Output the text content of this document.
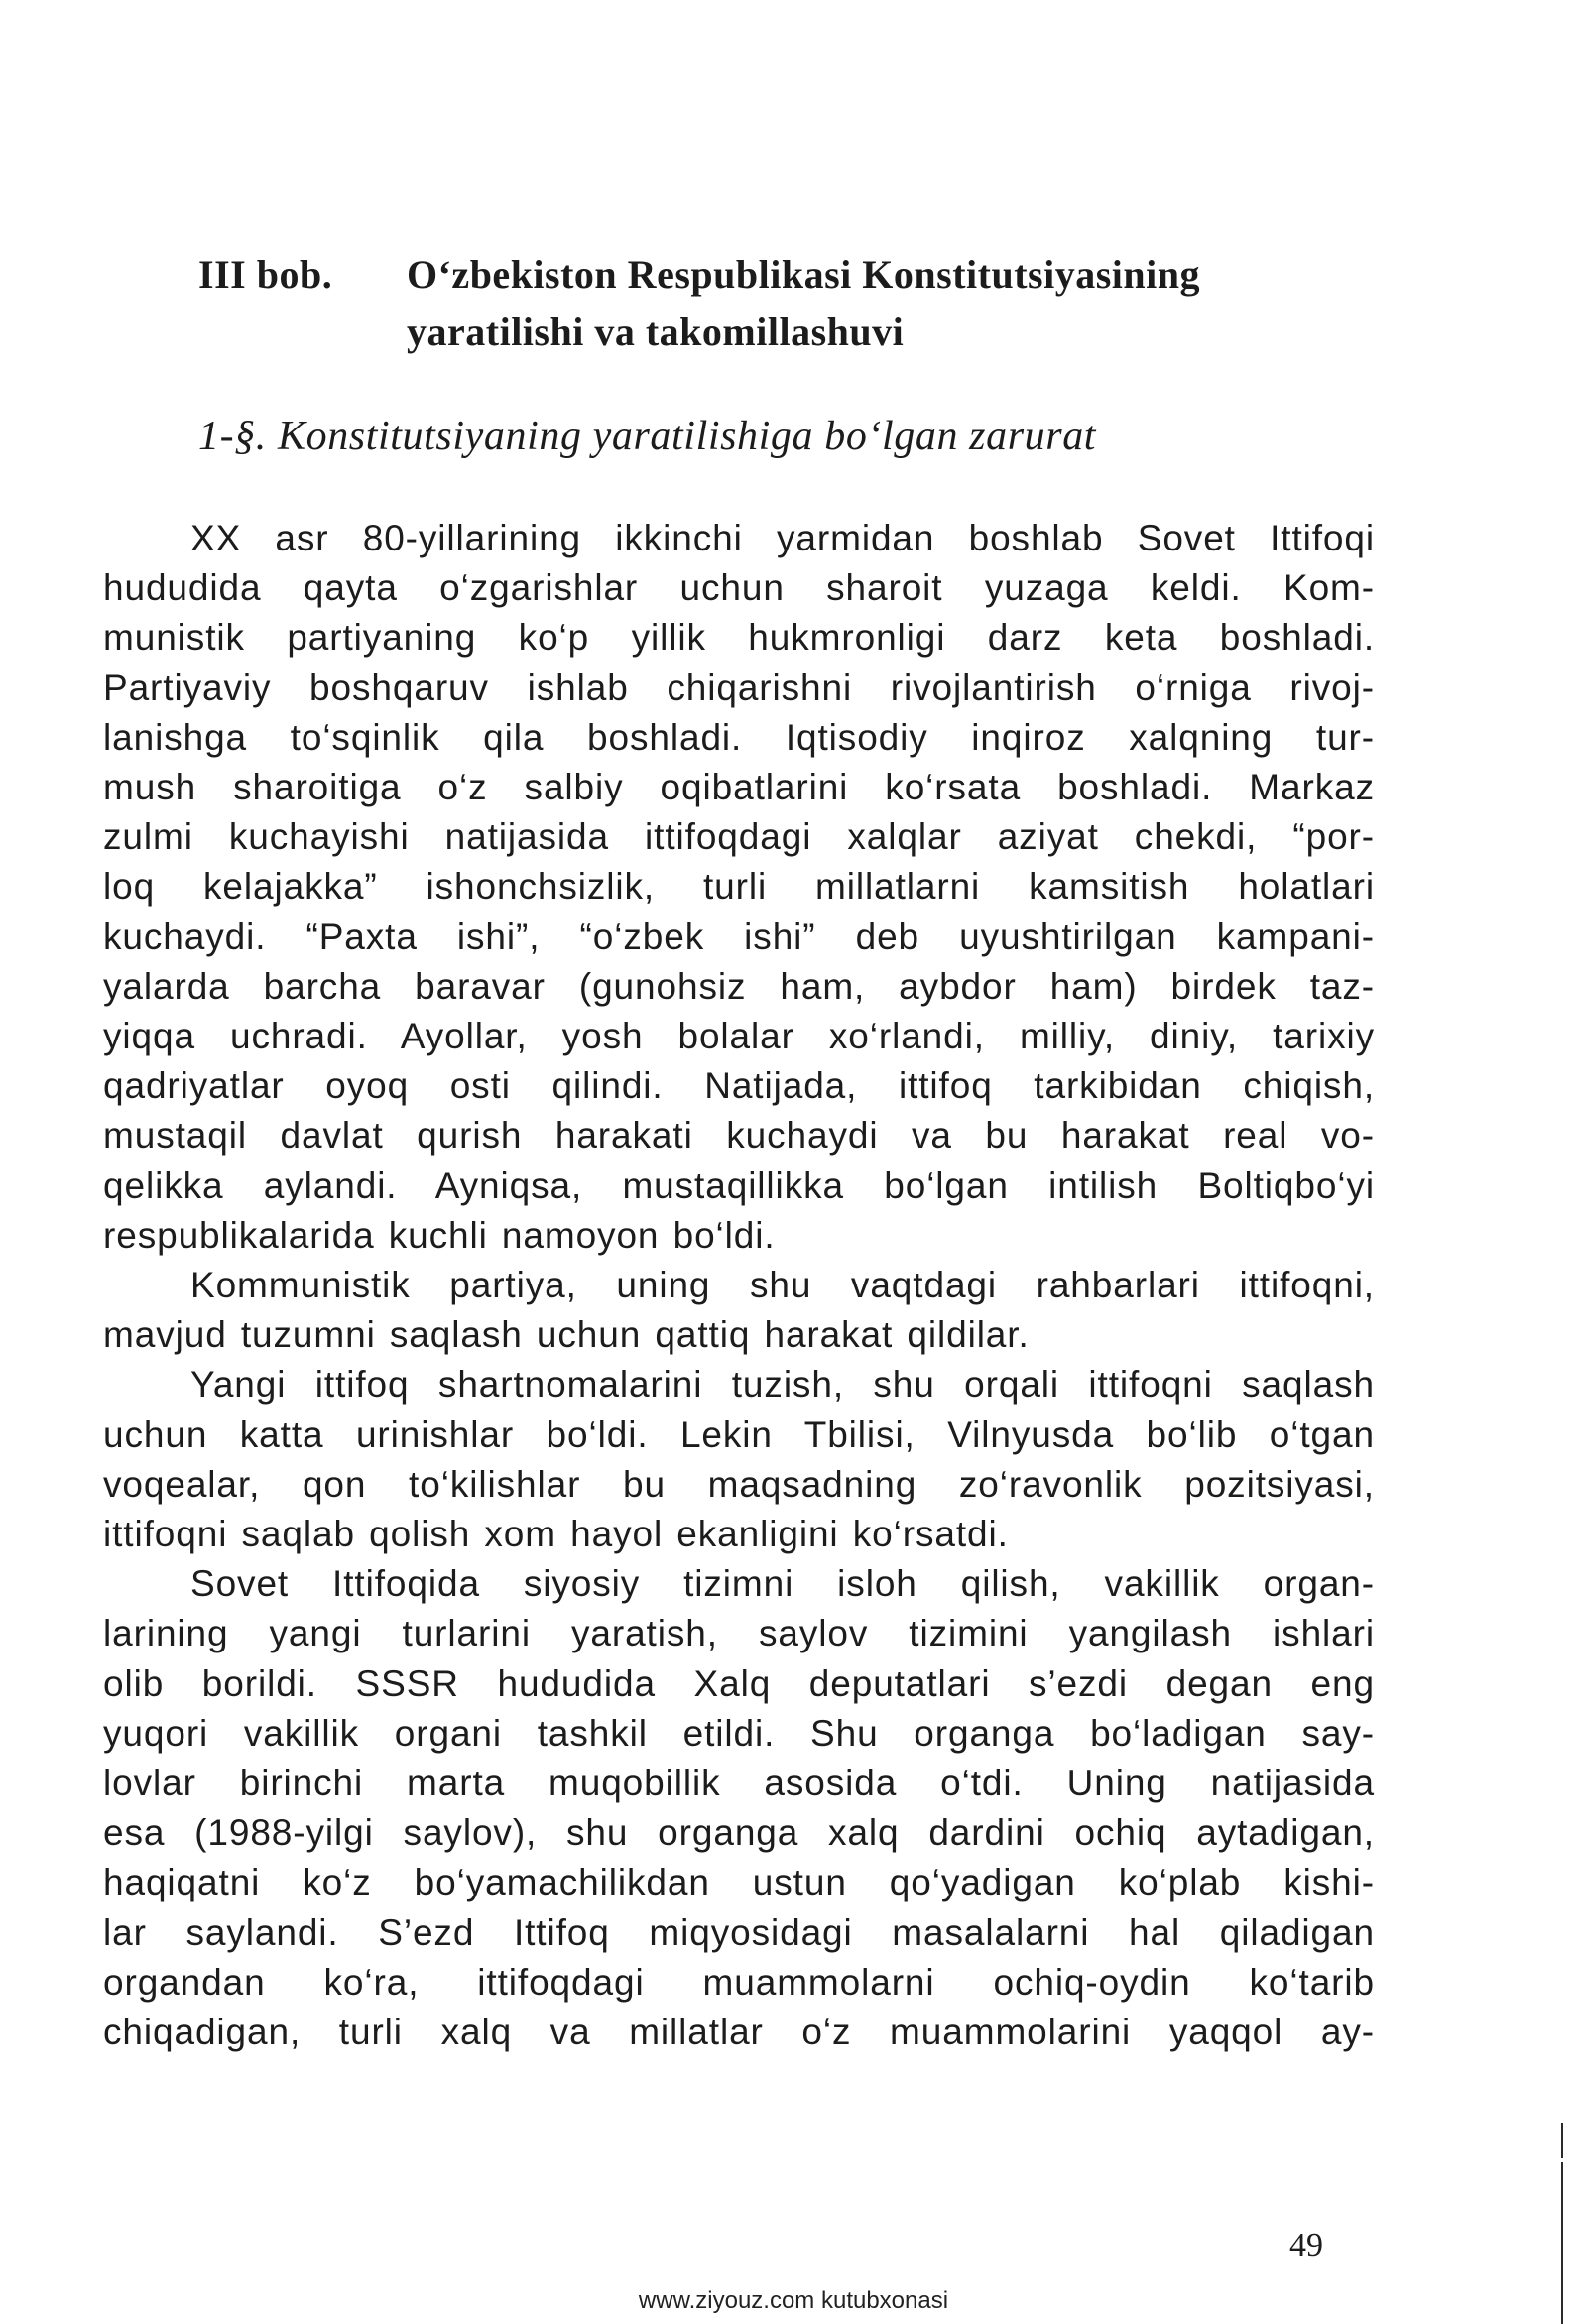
III bob.	O‘zbekiston Respublikasi Konstitutsiyasining
yaratilishi va takomillashuvi
1-§. Konstitutsiyaning yaratilishiga bo‘lgan zarurat
XX asr 80-yillarining ikkinchi yarmidan boshlab Sovet Ittifoqi
hududida qayta o‘zgarishlar uchun sharoit yuzaga keldi. Kom-
munistik partiyaning ko‘p yillik hukmronligi darz keta boshladi.
Partiyaviy boshqaruv ishlab chiqarishni rivojlantirish o‘rniga rivoj-
lanishga to‘sqinlik qila boshladi. Iqtisodiy inqiroz xalqning tur-
mush sharoitiga o‘z salbiy oqibatlarini ko‘rsata boshladi. Markaz
zulmi kuchayishi natijasida ittifoqdagi xalqlar aziyat chekdi, “por-
loq kelajakka” ishonchsizlik, turli millatlarni kamsitish holatlari
kuchaydi. “Paxta ishi”, “o‘zbek ishi” deb uyushtirilgan kampani-
yalarda barcha baravar (gunohsiz ham, aybdor ham) birdek taz-
yiqqa uchradi. Ayollar, yosh bolalar xo‘rlandi, milliy, diniy, tarixiy
qadriyatlar oyoq osti qilindi. Natijada, ittifoq tarkibidan chiqish,
mustaqil davlat qurish harakati kuchaydi va bu harakat real vo-
qelikka aylandi. Ayniqsa, mustaqillikka bo‘lgan intilish Boltiqbo‘yi
respublikalarida kuchli namoyon bo‘ldi.
Kommunistik partiya, uning shu vaqtdagi rahbarlari ittifoqni,
mavjud tuzumni saqlash uchun qattiq harakat qildilar.
Yangi ittifoq shartnomalarini tuzish, shu orqali ittifoqni saqlash
uchun katta urinishlar bo‘ldi. Lekin Tbilisi, Vilnyusda bo‘lib o‘tgan
voqealar, qon to‘kilishlar bu maqsadning zo‘ravonlik pozitsiyasi,
ittifoqni saqlab qolish xom hayol ekanligini ko‘rsatdi.
Sovet Ittifoqida siyosiy tizimni isloh qilish, vakillik organ-
larining yangi turlarini yaratish, saylov tizimini yangilash ishlari
olib borildi. SSSR hududida Xalq deputatlari s’ezdi degan eng
yuqori vakillik organi tashkil etildi. Shu organga bo‘ladigan say-
lovlar birinchi marta muqobillik asosida o‘tdi. Uning natijasida
esa (1988-yilgi saylov), shu organga xalq dardini ochiq aytadigan,
haqiqatni ko‘z bo‘yamachilikdan ustun qo‘yadigan ko‘plab kishi-
lar saylandi. S’ezd Ittifoq miqyosidagi masalalarni hal qiladigan
organdan ko‘ra, ittifoqdagi muammolarni ochiq-oydin ko‘tarib
chiqadigan, turli xalq va millatlar o‘z muammolarini yaqqol ay-
49
www.ziyouz.com kutubxonasi
